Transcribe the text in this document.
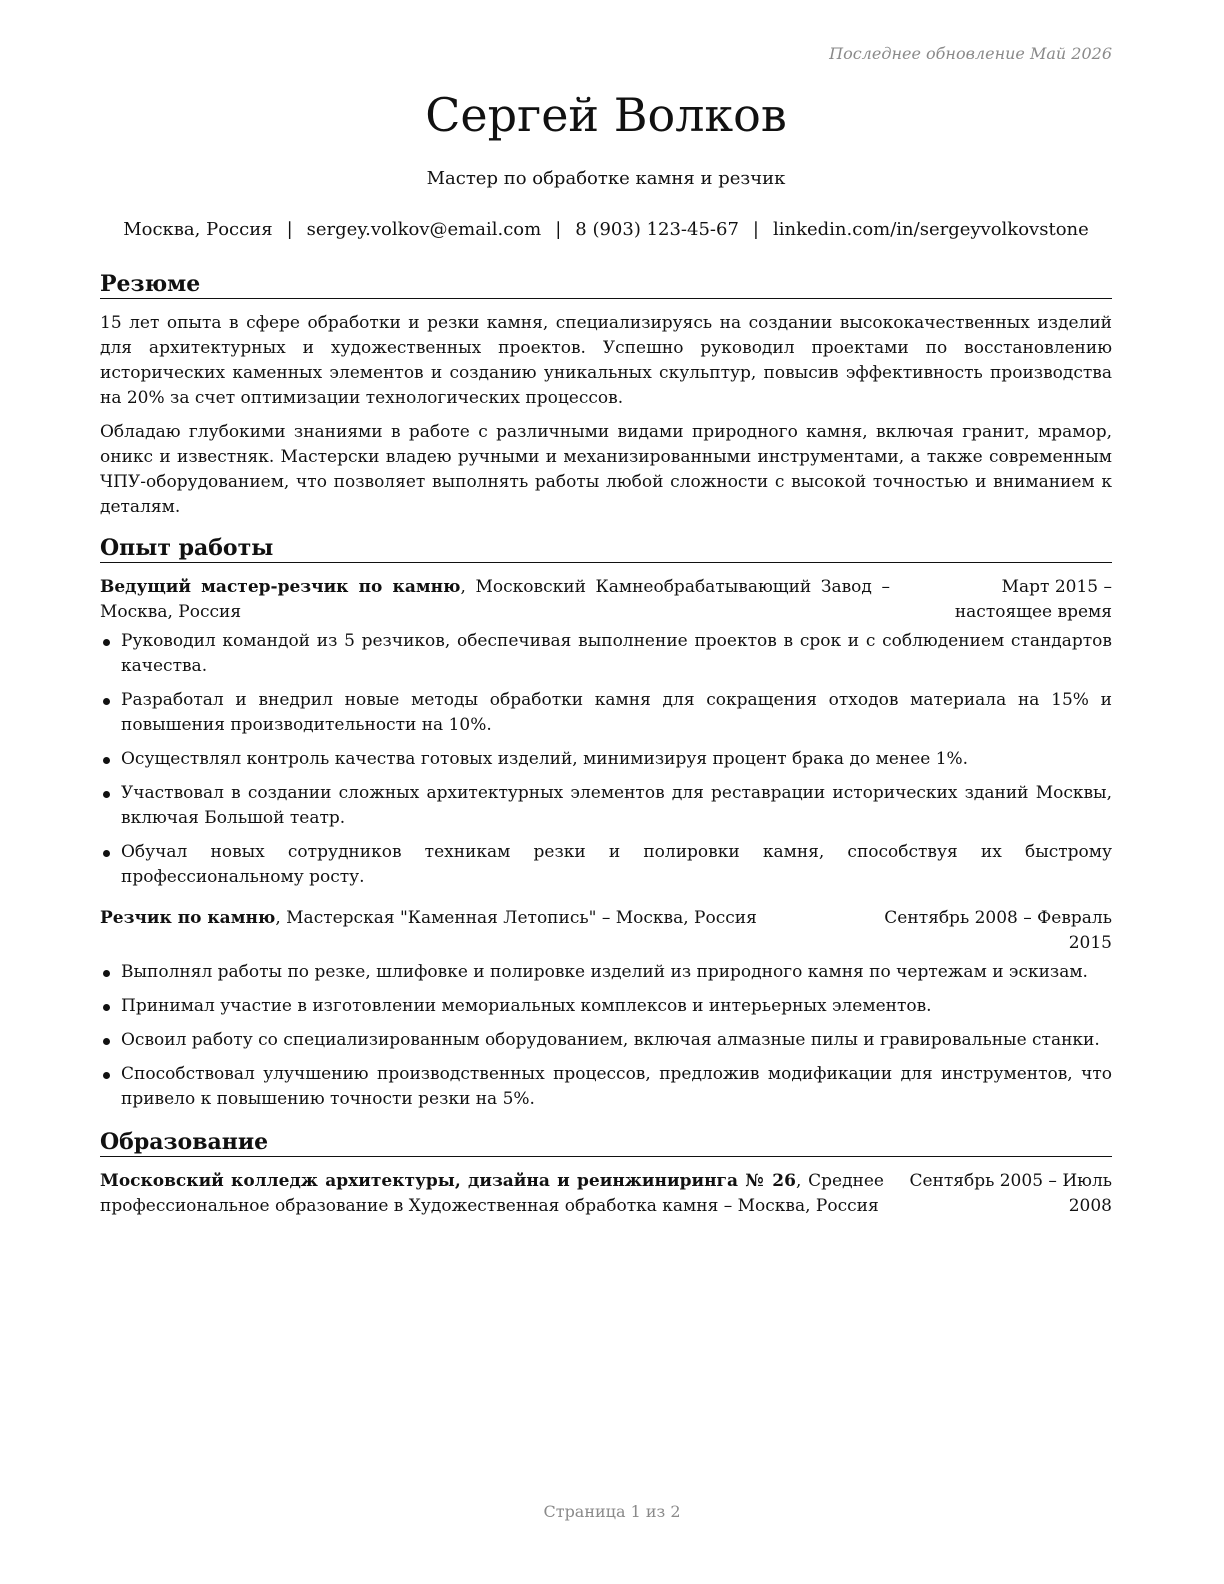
Последнее обновление Май 2026
Сергей Волков
Мастер по обработке камня и резчик
Москва, Россия | sergey.volkov@email.com | 8 (903) 123-45-67 | linkedin.com/in/sergeyvolkovstone
Резюме

15 лет опыта в сфере обработки и резки камня, специализируясь на создании высококачественных изделий для архитектурных и художественных проектов. Успешно руководил проектами по восстановлению исторических каменных элементов и созданию уникальных скульптур, повысив эффективность производства на 20% за счет оптимизации технологических процессов.

Обладаю глубокими знаниями в работе с различными видами природного камня, включая гранит, мрамор, оникс и известняк. Мастерски владею ручными и механизированными инструментами, а также современным ЧПУ-оборудованием, что позволяет выполнять работы любой сложности с высокой точностью и вниманием к деталям.

Опыт работы
Ведущий мастер-резчик по камню, Московский Камнеобрабатывающий Завод – Москва, Россия
Март 2015 – настоящее время
Руководил командой из 5 резчиков, обеспечивая выполнение проектов в срок и с соблюдением стандартов качества.
Разработал и внедрил новые методы обработки камня для сокращения отходов материала на 15% и повышения производительности на 10%.
Осуществлял контроль качества готовых изделий, минимизируя процент брака до менее 1%.
Участвовал в создании сложных архитектурных элементов для реставрации исторических зданий Москвы, включая Большой театр.
Обучал новых сотрудников техникам резки и полировки камня, способствуя их быстрому профессиональному росту.
Резчик по камню, Мастерская "Каменная Летопись" – Москва, Россия	Сентябрь 2008 – Февраль 2015
Выполнял работы по резке, шлифовке и полировке изделий из природного камня по чертежам и эскизам.
Принимал участие в изготовлении мемориальных комплексов и интерьерных элементов.
Освоил работу со специализированным оборудованием, включая алмазные пилы и гравировальные станки.
Способствовал улучшению производственных процессов, предложив модификации для инструментов, что привело к повышению точности резки на 5%.
Образование
Московский колледж архитектуры, дизайна и реинжиниринга № 26, Среднее профессиональное образование в Художественная обработка камня – Москва, Россия
Сентябрь 2005 – Июль 2008
Страница 1 из 2
